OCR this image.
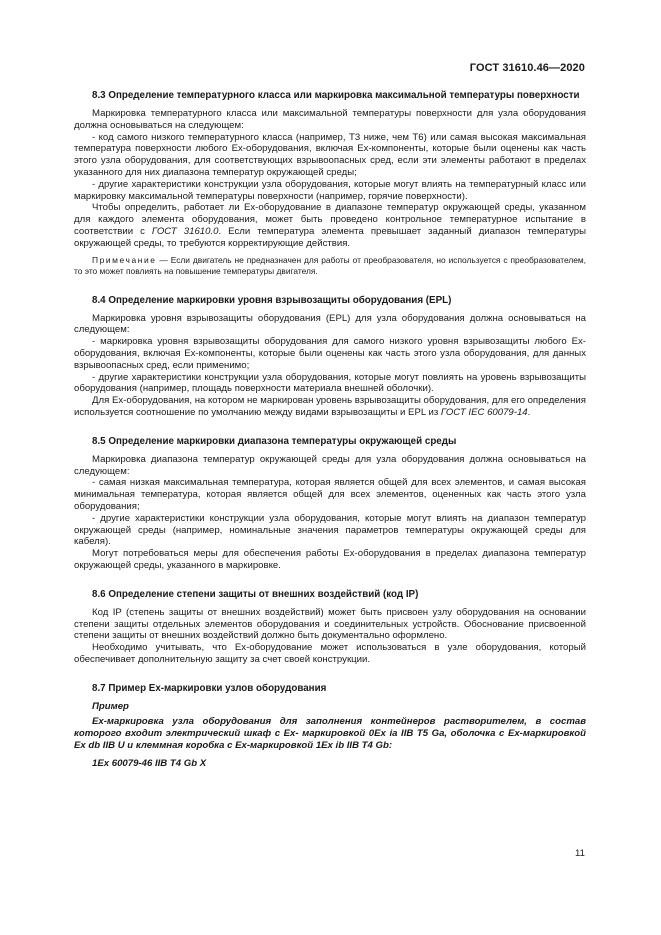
ГОСТ 31610.46—2020
8.3 Определение температурного класса или маркировка максимальной температуры поверхности

Маркировка температурного класса или максимальной температуры поверхности для узла оборудования должна основываться на следующем:

- код самого низкого температурного класса (например, Т3 ниже, чем Т6) или самая высокая максимальная температура поверхности любого Ех-оборудования, включая Ех-компоненты, которые были оценены как часть этого узла оборудования, для соответствующих взрывоопасных сред, если эти элементы работают в пределах указанного для них диапазона температур окружающей среды;

- другие характеристики конструкции узла оборудования, которые могут влиять на температурный класс или маркировку максимальной температуры поверхности (например, горячие поверхности).

Чтобы определить, работает ли Ех-оборудование в диапазоне температур окружающей среды, указанном для каждого элемента оборудования, может быть проведено контрольное температурное испытание в соответствии с ГОСТ 31610.0. Если температура элемента превышает заданный диапазон температуры окружающей среды, то требуются корректирующие действия.

Примечание — Если двигатель не предназначен для работы от преобразователя, но используется с преобразователем, то это может повлиять на повышение температуры двигателя.

8.4 Определение маркировки уровня взрывозащиты оборудования (EPL)

Маркировка уровня взрывозащиты оборудования (EPL) для узла оборудования должна основываться на следующем:

- маркировка уровня взрывозащиты оборудования для самого низкого уровня взрывозащиты любого Ех-оборудования, включая Ех-компоненты, которые были оценены как часть этого узла оборудования, для данных взрывоопасных сред, если применимо;

- другие характеристики конструкции узла оборудования, которые могут повлиять на уровень взрывозащиты оборудования (например, площадь поверхности материала внешней оболочки).

Для Ех-оборудования, на котором не маркирован уровень взрывозащиты оборудования, для его определения используется соотношение по умолчанию между видами взрывозащиты и EPL из ГОСТ IEC 60079-14.

8.5 Определение маркировки диапазона температуры окружающей среды

Маркировка диапазона температур окружающей среды для узла оборудования должна основываться на следующем:

- самая низкая максимальная температура, которая является общей для всех элементов, и самая высокая минимальная температура, которая является общей для всех элементов, оцененных как часть этого узла оборудования;

- другие характеристики конструкции узла оборудования, которые могут влиять на диапазон температур окружающей среды (например, номинальные значения параметров температуры окружающей среды для кабеля).

Могут потребоваться меры для обеспечения работы Ех-оборудования в пределах диапазона температур окружающей среды, указанного в маркировке.

8.6 Определение степени защиты от внешних воздействий (код IP)

Код IP (степень защиты от внешних воздействий) может быть присвоен узлу оборудования на основании степени защиты отдельных элементов оборудования и соединительных устройств. Обоснование присвоенной степени защиты от внешних воздействий должно быть документально оформлено.

Необходимо учитывать, что Ех-оборудование может использоваться в узле оборудования, который обеспечивает дополнительную защиту за счет своей конструкции.

8.7 Пример Ех-маркировки узлов оборудования

Пример

Ех-маркировка узла оборудования для заполнения контейнеров растворителем, в состав которого входит электрический шкаф с Ех- маркировкой 0Ex ia IIB T5 Ga, оболочка с Ех-маркировкой Ex db IIB U и клеммная коробка с Ех-маркировкой 1Ex ib IIB T4 Gb:

1Ex 60079-46 IIB T4 Gb X

11
